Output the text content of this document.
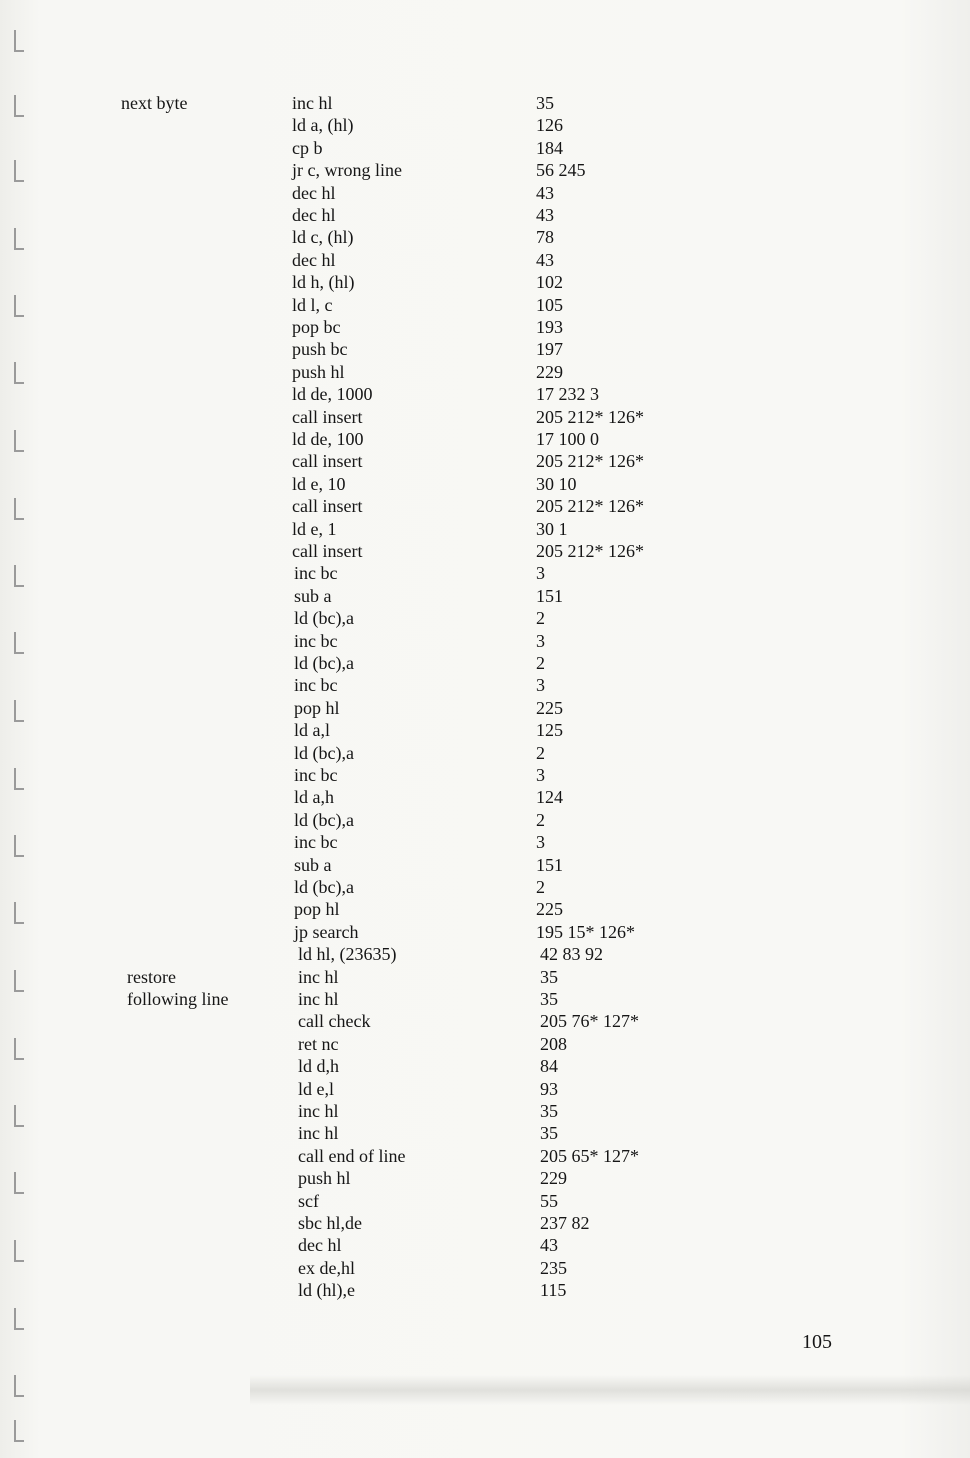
next byte
restore
following line
inc hl
ld a, (hl)
cp b
jr c, wrong line
dec hl
dec hl
ld c, (hl)
dec hl
ld h, (hl)
ld l, c
pop bc
push bc
push hl
ld de, 1000
call insert
ld de, 100
call insert
ld e, 10
call insert
ld e, 1
call insert
inc bc
sub a
ld (bc),a
inc bc
ld (bc),a
inc bc
pop hl
ld a,l
ld (bc),a
inc bc
ld a,h
ld (bc),a
inc bc
sub a
ld (bc),a
pop hl
jp search
ld hl, (23635)
inc hl
inc hl
call check
ret nc
ld d,h
ld e,l
inc hl
inc hl
call end of line
push hl
scf
sbc hl,de
dec hl
ex de,hl
ld (hl),e
35
126
184
56 245
43
43
78
43
102
105
193
197
229
17 232 3
205 212* 126*
17 100 0
205 212* 126*
30 10
205 212* 126*
30 1
205 212* 126*
3
151
2
3
2
3
225
125
2
3
124
2
3
151
2
225
195 15* 126*
42 83 92
35
35
205 76* 127*
208
84
93
35
35
205 65* 127*
229
55
237 82
43
235
115
105
